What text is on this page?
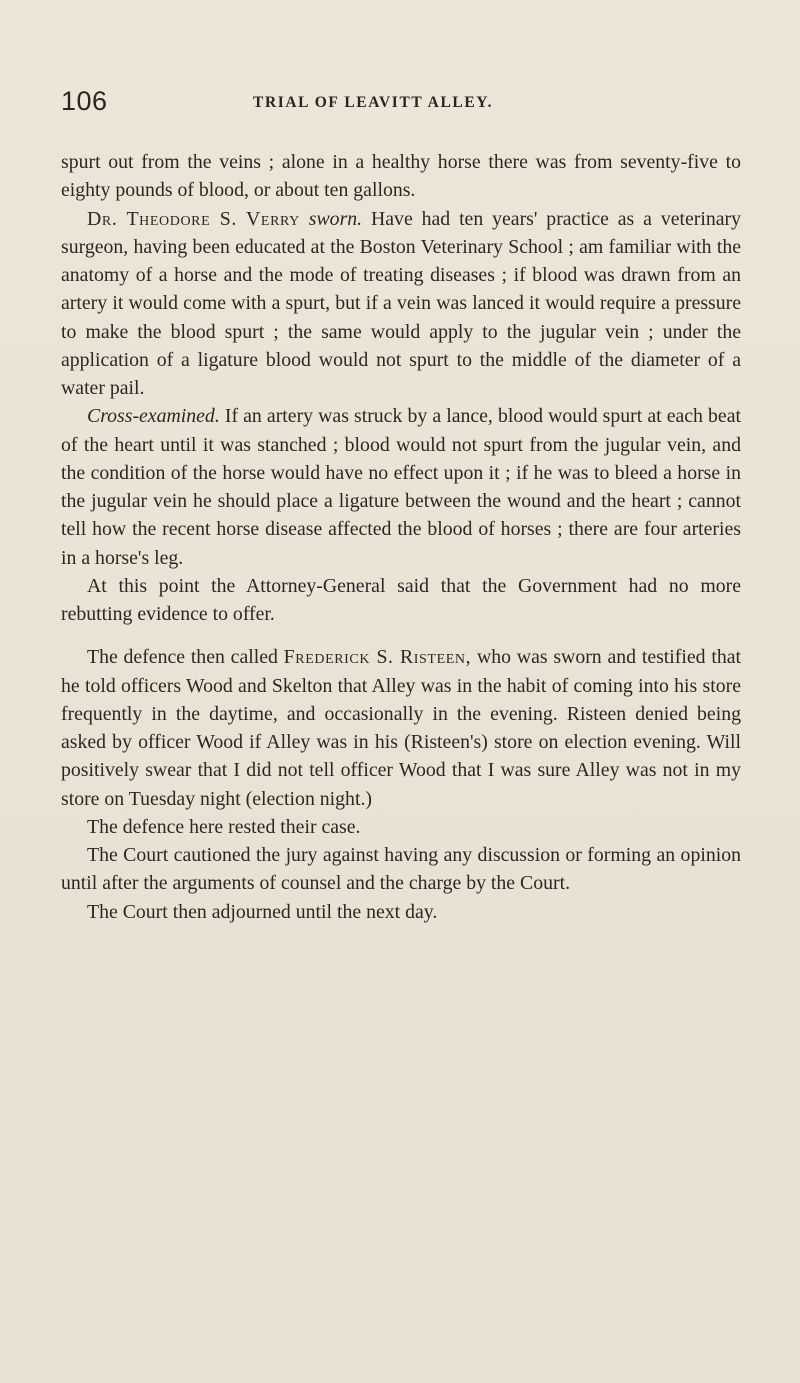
106	TRIAL OF LEAVITT ALLEY.

spurt out from the veins ; alone in a healthy horse there was from seventy-five to eighty pounds of blood, or about ten gallons.

Dr. Theodore S. Verry sworn. Have had ten years' practice as a veterinary surgeon, having been educated at the Boston Veterinary School ; am familiar with the anatomy of a horse and the mode of treating diseases ; if blood was drawn from an artery it would come with a spurt, but if a vein was lanced it would require a pressure to make the blood spurt ; the same would apply to the jugular vein ; under the application of a ligature blood would not spurt to the middle of the diameter of a water pail.

Cross-examined. If an artery was struck by a lance, blood would spurt at each beat of the heart until it was stanched ; blood would not spurt from the jugular vein, and the condition of the horse would have no effect upon it ; if he was to bleed a horse in the jugular vein he should place a ligature between the wound and the heart ; cannot tell how the recent horse disease affected the blood of horses ; there are four arteries in a horse's leg.

At this point the Attorney-General said that the Government had no more rebutting evidence to offer.

The defence then called Frederick S. Risteen, who was sworn and testified that he told officers Wood and Skelton that Alley was in the habit of coming into his store frequently in the daytime, and occasionally in the evening. Risteen denied being asked by officer Wood if Alley was in his (Risteen's) store on election evening. Will positively swear that I did not tell officer Wood that I was sure Alley was not in my store on Tuesday night (election night.)

The defence here rested their case.

The Court cautioned the jury against having any discussion or forming an opinion until after the arguments of counsel and the charge by the Court.

The Court then adjourned until the next day.
